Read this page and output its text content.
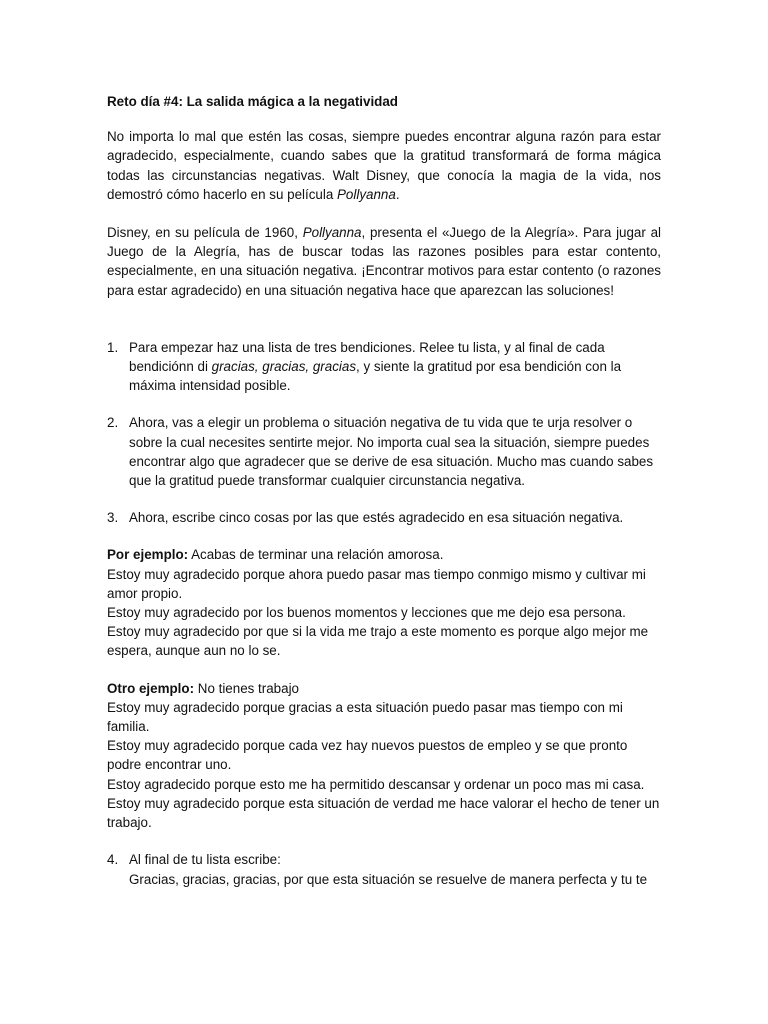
Reto día #4: La salida mágica a la negatividad

No importa lo mal que estén las cosas, siempre puedes encontrar alguna razón para estar agradecido, especialmente, cuando sabes que la gratitud transformará de forma mágica todas las circunstancias negativas. Walt Disney, que conocía la magia de la vida, nos demostró cómo hacerlo en su película Pollyanna.

Disney, en su película de 1960, Pollyanna, presenta el «Juego de la Alegría». Para jugar al Juego de la Alegría, has de buscar todas las razones posibles para estar contento, especialmente, en una situación negativa. ¡Encontrar motivos para estar contento (o razones para estar agradecido) en una situación negativa hace que aparezcan las soluciones!

1. Para empezar haz una lista de tres bendiciones. Relee tu lista, y al final de cada bendiciónn di gracias, gracias, gracias, y siente la gratitud por esa bendición con la máxima intensidad posible.
2. Ahora, vas a elegir un problema o situación negativa de tu vida que te urja resolver o sobre la cual necesites sentirte mejor. No importa cual sea la situación, siempre puedes encontrar algo que agradecer que se derive de esa situación. Mucho mas cuando sabes que la gratitud puede transformar cualquier circunstancia negativa.
3. Ahora, escribe cinco cosas por las que estés agradecido en esa situación negativa.

Por ejemplo: Acabas de terminar una relación amorosa.

Estoy muy agradecido porque ahora puedo pasar mas tiempo conmigo mismo y cultivar mi amor propio.

Estoy muy agradecido por los buenos momentos y lecciones que me dejo esa persona.

Estoy muy agradecido por que si la vida me trajo a este momento es porque algo mejor me espera, aunque aun no lo se.

Otro ejemplo: No tienes trabajo

Estoy muy agradecido porque gracias a esta situación puedo pasar mas tiempo con mi familia.

Estoy muy agradecido porque cada vez hay nuevos puestos de empleo y se que pronto podre encontrar uno.

Estoy agradecido porque esto me ha permitido descansar y ordenar un poco mas mi casa.

Estoy muy agradecido porque esta situación de verdad me hace valorar el hecho de tener un trabajo.

4. Al final de tu lista escribe:
Gracias, gracias, gracias, por que esta situación se resuelve de manera perfecta y tu te
